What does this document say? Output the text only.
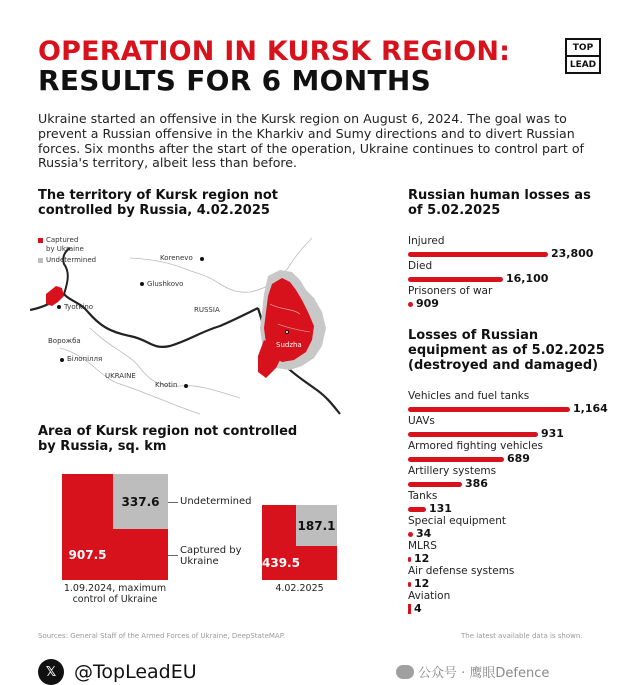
OPERATION IN KURSK REGION:
RESULTS FOR 6 MONTHS
TOP
LEAD

Ukraine started an offensive in the Kursk region on August 6, 2024. The goal was to prevent a Russian offensive in the Kharkiv and Sumy directions and to divert Russian forces. Six months after the start of the operation, Ukraine continues to control part of Russia's territory, albeit less than before.

The territory of Kursk region not controlled by Russia, 4.02.2025
Captured by Ukraine
Undetermined	Korenevo
Glushkovo
Tyotkino	RUSSIA
Ворожба
Білопілля
UKRAINE
Khotin
Sudzha
Area of Kursk region not controlled by Russia, sq. km
Russian human losses as of 5.02.2025
Losses of Russian equipment as of 5.02.2025 (destroyed and damaged)
Sources: General Staff of the Armed Forces of Ukraine, DeepStateMAP.	The latest available data is shown.
𝕏 @TopLeadEU	公众号 · 鹰眼Defence
Injured
23,800
Died
16,100
Prisoners of war
909
Vehicles and fuel tanks
1,164
UAVs
931
Armored fighting vehicles
689
Artillery systems
386
Tanks
131
Special equipment
34
MLRS
12
Air defense systems
12
Aviation
4
337.6
907.5
1.09.2024, maximum control of Ukraine
Undetermined
Captured by Ukraine
187.1
439.5
4.02.2025
